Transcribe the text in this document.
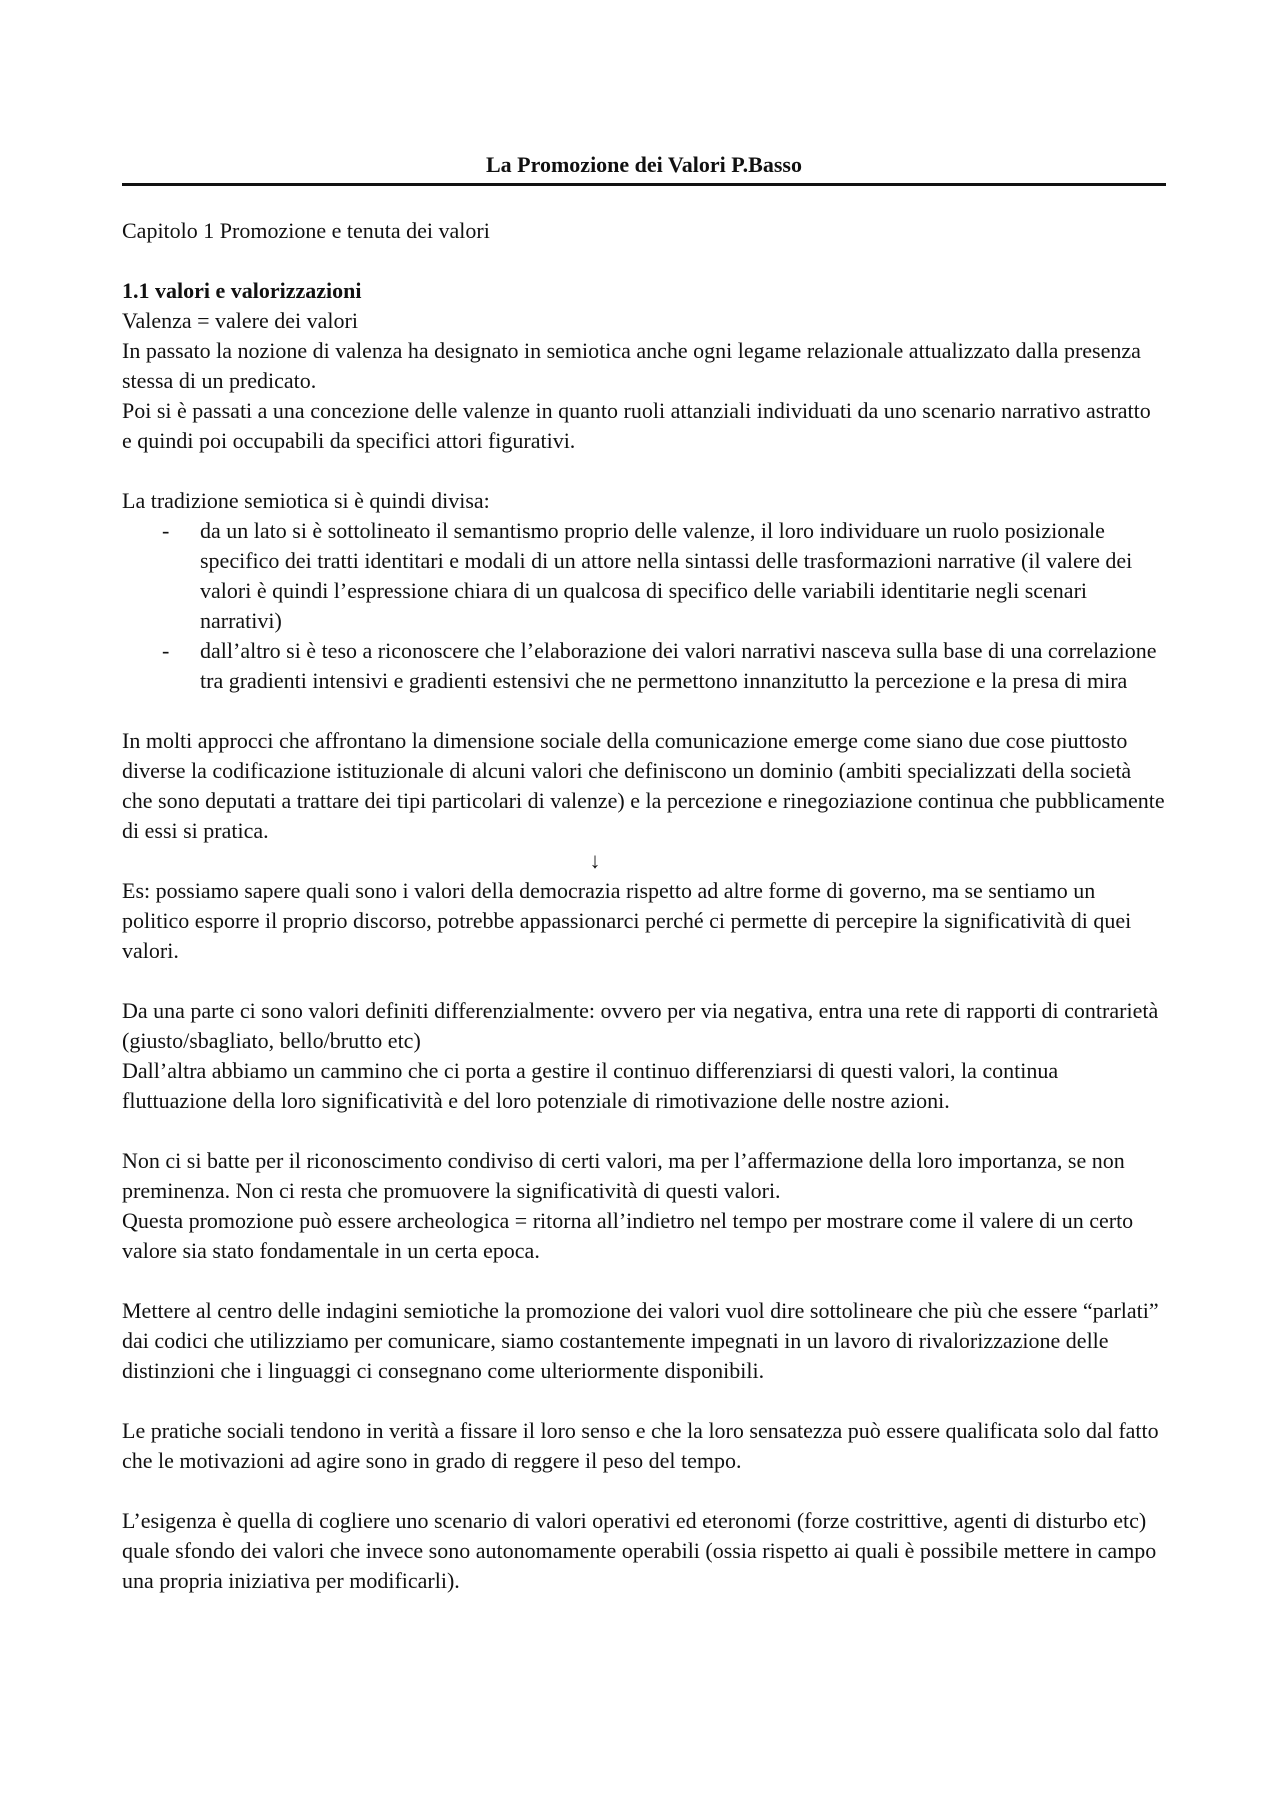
La Promozione dei Valori P.Basso

Capitolo 1 Promozione e tenuta dei valori

1.1 valori e valorizzazioni

Valenza = valere dei valori

In passato la nozione di valenza ha designato in semiotica anche ogni legame relazionale attualizzato dalla presenza stessa di un predicato.

Poi si è passati a una concezione delle valenze in quanto ruoli attanziali individuati da uno scenario narrativo astratto e quindi poi occupabili da specifici attori figurativi.

La tradizione semiotica si è quindi divisa:

- da un lato si è sottolineato il semantismo proprio delle valenze, il loro individuare un ruolo posizionale specifico dei tratti identitari e modali di un attore nella sintassi delle trasformazioni narrative (il valere dei valori è quindi l’espressione chiara di un qualcosa di specifico delle variabili identitarie negli scenari narrativi)
- dall’altro si è teso a riconoscere che l’elaborazione dei valori narrativi nasceva sulla base di una correlazione tra gradienti intensivi e gradienti estensivi che ne permettono innanzitutto la percezione e la presa di mira

In molti approcci che affrontano la dimensione sociale della comunicazione emerge come siano due cose piuttosto diverse la codificazione istituzionale di alcuni valori che definiscono un dominio (ambiti specializzati della società che sono deputati a trattare dei tipi particolari di valenze) e la percezione e rinegoziazione continua che pubblicamente di essi si pratica.

↓

Es: possiamo sapere quali sono i valori della democrazia rispetto ad altre forme di governo, ma se sentiamo un politico esporre il proprio discorso, potrebbe appassionarci perché ci permette di percepire la significatività di quei valori.

Da una parte ci sono valori definiti differenzialmente: ovvero per via negativa, entra una rete di rapporti di contrarietà (giusto/sbagliato, bello/brutto etc)

Dall’altra abbiamo un cammino che ci porta a gestire il continuo differenziarsi di questi valori, la continua fluttuazione della loro significatività e del loro potenziale di rimotivazione delle nostre azioni.

Non ci si batte per il riconoscimento condiviso di certi valori, ma per l’affermazione della loro importanza, se non preminenza. Non ci resta che promuovere la significatività di questi valori.

Questa promozione può essere archeologica = ritorna all’indietro nel tempo per mostrare come il valere di un certo valore sia stato fondamentale in un certa epoca.

Mettere al centro delle indagini semiotiche la promozione dei valori vuol dire sottolineare che più che essere “parlati” dai codici che utilizziamo per comunicare, siamo costantemente impegnati in un lavoro di rivalorizzazione delle distinzioni che i linguaggi ci consegnano come ulteriormente disponibili.

Le pratiche sociali tendono in verità a fissare il loro senso e che la loro sensatezza può essere qualificata solo dal fatto che le motivazioni ad agire sono in grado di reggere il peso del tempo.

L’esigenza è quella di cogliere uno scenario di valori operativi ed eteronomi (forze costrittive, agenti di disturbo etc) quale sfondo dei valori che invece sono autonomamente operabili (ossia rispetto ai quali è possibile mettere in campo una propria iniziativa per modificarli).
